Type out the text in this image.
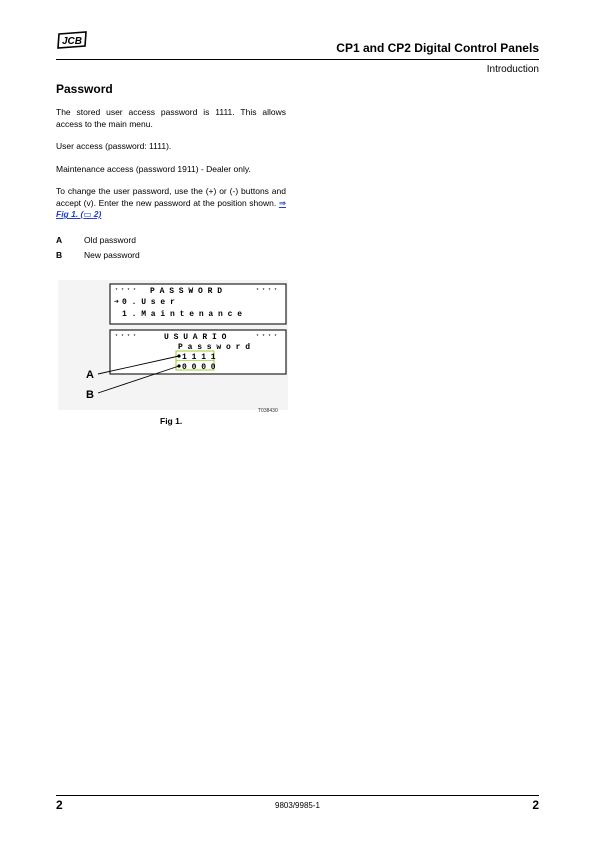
JCB	CP1 and CP2 Digital Control Panels
Introduction
Password
The stored user access password is 1111. This allows access to the main menu.
User access (password: 1111).
Maintenance access (password 1911) - Dealer only.
To change the user password, use the (+) or (-) buttons and accept (v). Enter the new password at the position shown. ⇒ Fig 1. (▭ 2)
A	Old password
B	New password
* * * * P A S S W O R D	* * * *
➜ 0 . U s e r
1 . M a i n t e n a n c e
* * * *	U S U A R I O	* * * *
P a s s w o r d
1 1 1 1
0 0 0 0
A
B
T038430
Fig 1.
2	9803/9985-1	2
